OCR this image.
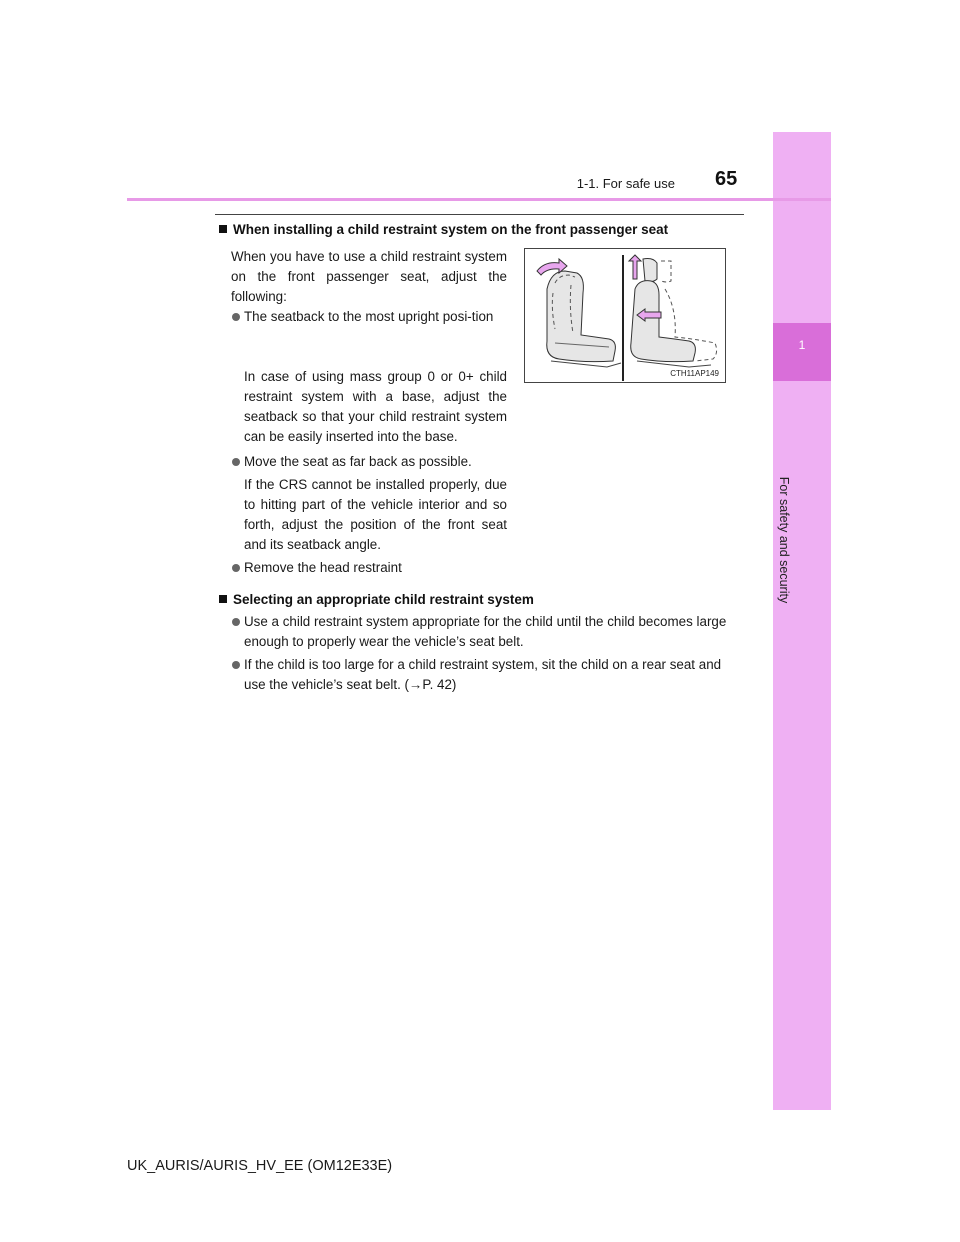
1
For safety and security
1-1. For safe use 65
When installing a child restraint system on the front passenger seat
When you have to use a child restraint system on the front passenger seat, adjust the following:
The seatback to the most upright posi-tion
In case of using mass group 0 or 0+ child restraint system with a base, adjust the seatback so that your child restraint system can be easily inserted into the base.
Move the seat as far back as possible.
If the CRS cannot be installed properly, due to hitting part of the vehicle interior and so forth, adjust the position of the front seat and its seatback angle.
Remove the head restraint
CTH11AP149
Selecting an appropriate child restraint system
Use a child restraint system appropriate for the child until the child becomes large enough to properly wear the vehicle’s seat belt.
If the child is too large for a child restraint system, sit the child on a rear seat and use the vehicle’s seat belt. (→P. 42)
UK_AURIS/AURIS_HV_EE (OM12E33E)
